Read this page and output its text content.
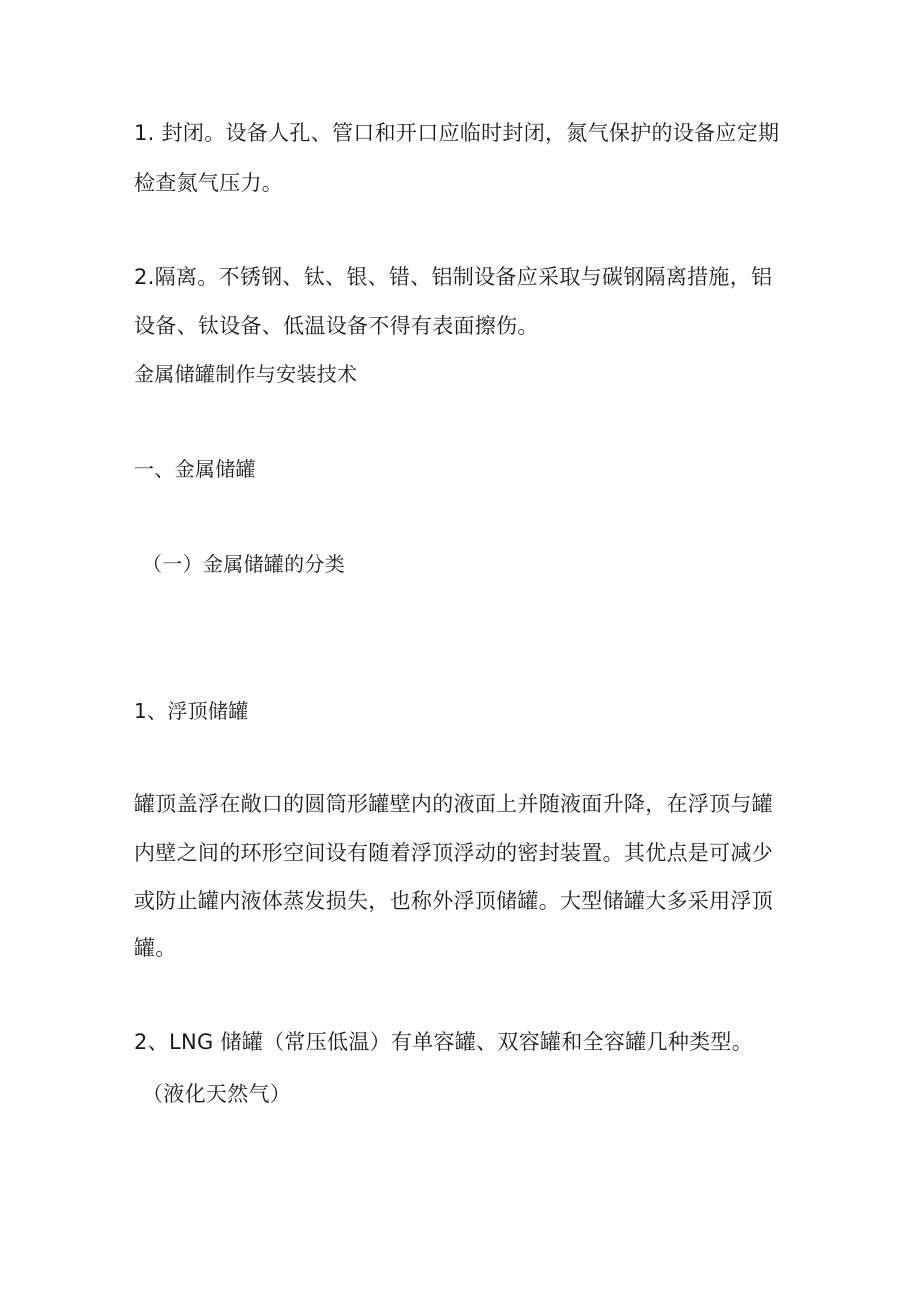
1. 封闭。设备人孔、管口和开口应临时封闭，氮气保护的设备应定期
检查氮气压力。
2.隔离。不锈钢、钛、银、错、铝制设备应采取与碳钢隔离措施，铝
设备、钛设备、低温设备不得有表面擦伤。
金属储罐制作与安装技术
一、金属储罐
（一）金属储罐的分类
1、浮顶储罐
罐顶盖浮在敞口的圆筒形罐壁内的液面上并随液面升降，在浮顶与罐
内壁之间的环形空间设有随着浮顶浮动的密封装置。其优点是可减少
或防止罐内液体蒸发损失，也称外浮顶储罐。大型储罐大多采用浮顶
罐。
2、LNG 储罐（常压低温）有单容罐、双容罐和全容罐几种类型。
（液化天然气）
